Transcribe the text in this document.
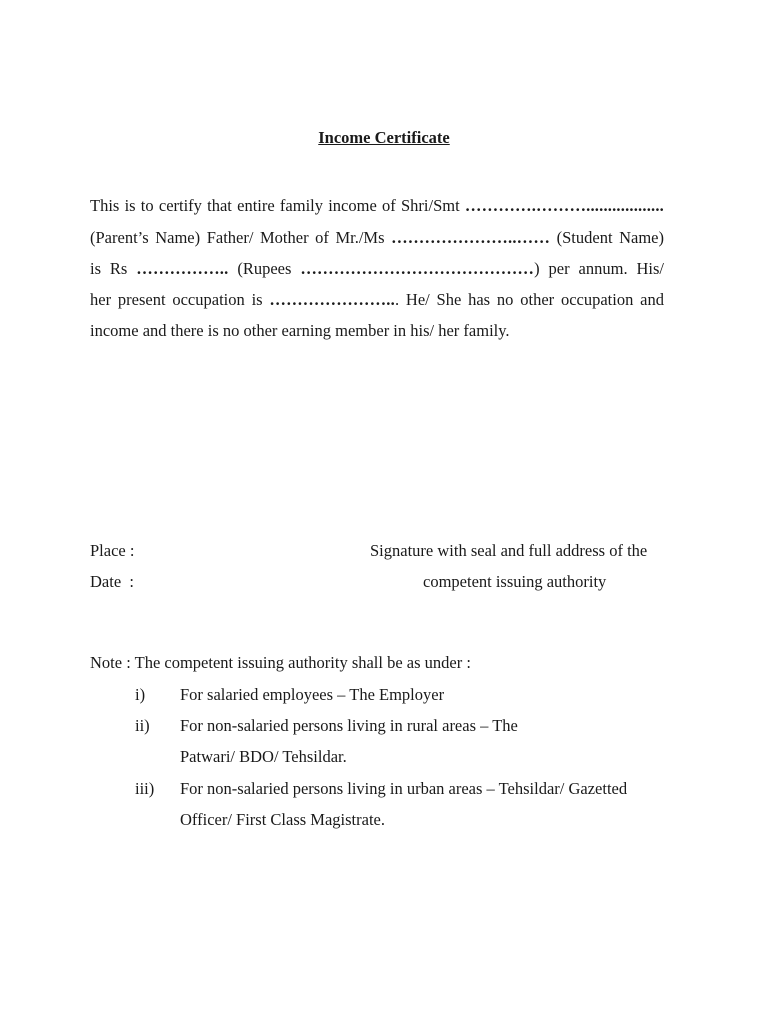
Income Certificate
This is to certify that entire family income of Shri/Smt ………….………..................
(Parent’s Name) Father/ Mother of Mr./Ms …………………..…… (Student Name)
is Rs …………….. (Rupees ……………………………………) per annum. His/
her present occupation is …………………... He/ She has no other occupation and
income and there is no other earning member in his/ her family.
Place :
Date  :
Signature with seal and full address of the
competent issuing authority
Note : The competent issuing authority shall be as under :
i) For salaried employees – The Employer
ii) For non-salaried persons living in rural areas – The
Patwari/ BDO/ Tehsildar.
iii) For non-salaried persons living in urban areas – Tehsildar/ Gazetted
Officer/ First Class Magistrate.
